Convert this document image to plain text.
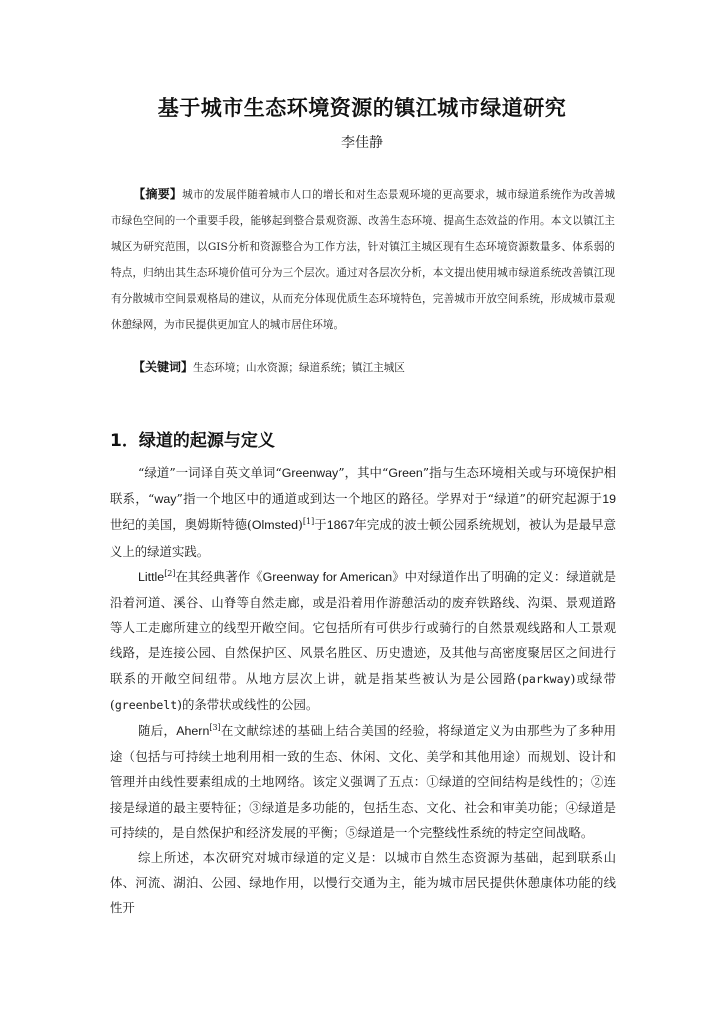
基于城市生态环境资源的镇江城市绿道研究
李佳静
【摘要】城市的发展伴随着城市人口的增长和对生态景观环境的更高要求，城市绿道系统作为改善城市绿色空间的一个重要手段，能够起到整合景观资源、改善生态环境、提高生态效益的作用。本文以镇江主城区为研究范围，以GIS分析和资源整合为工作方法，针对镇江主城区现有生态环境资源数量多、体系弱的特点，归纳出其生态环境价值可分为三个层次。通过对各层次分析，本文提出使用城市绿道系统改善镇江现有分散城市空间景观格局的建议，从而充分体现优质生态环境特色，完善城市开放空间系统，形成城市景观休憩绿网，为市民提供更加宜人的城市居住环境。
【关键词】生态环境；山水资源；绿道系统；镇江主城区
1．绿道的起源与定义

“绿道”一词译自英文单词“Greenway”，其中“Green”指与生态环境相关或与环境保护相联系，“way”指一个地区中的通道或到达一个地区的路径。学界对于“绿道”的研究起源于19世纪的美国，奥姆斯特德(Olmsted)[1]于1867年完成的波士顿公园系统规划，被认为是最早意义上的绿道实践。

Little[2]在其经典著作《Greenway for American》中对绿道作出了明确的定义：绿道就是沿着河道、溪谷、山脊等自然走廊，或是沿着用作游憩活动的废弃铁路线、沟渠、景观道路等人工走廊所建立的线型开敞空间。它包括所有可供步行或骑行的自然景观线路和人工景观线路，是连接公园、自然保护区、风景名胜区、历史遗迹，及其他与高密度聚居区之间进行联系的开敞空间纽带。从地方层次上讲，就是指某些被认为是公园路(parkway)或绿带(greenbelt)的条带状或线性的公园。

随后，Ahern[3]在文献综述的基础上结合美国的经验，将绿道定义为由那些为了多种用途（包括与可持续土地利用相一致的生态、休闲、文化、美学和其他用途）而规划、设计和管理并由线性要素组成的土地网络。该定义强调了五点：①绿道的空间结构是线性的；②连接是绿道的最主要特征；③绿道是多功能的，包括生态、文化、社会和审美功能；④绿道是可持续的，是自然保护和经济发展的平衡；⑤绿道是一个完整线性系统的特定空间战略。

综上所述，本次研究对城市绿道的定义是：以城市自然生态资源为基础，起到联系山体、河流、湖泊、公园、绿地作用，以慢行交通为主，能为城市居民提供休憩康体功能的线性开
